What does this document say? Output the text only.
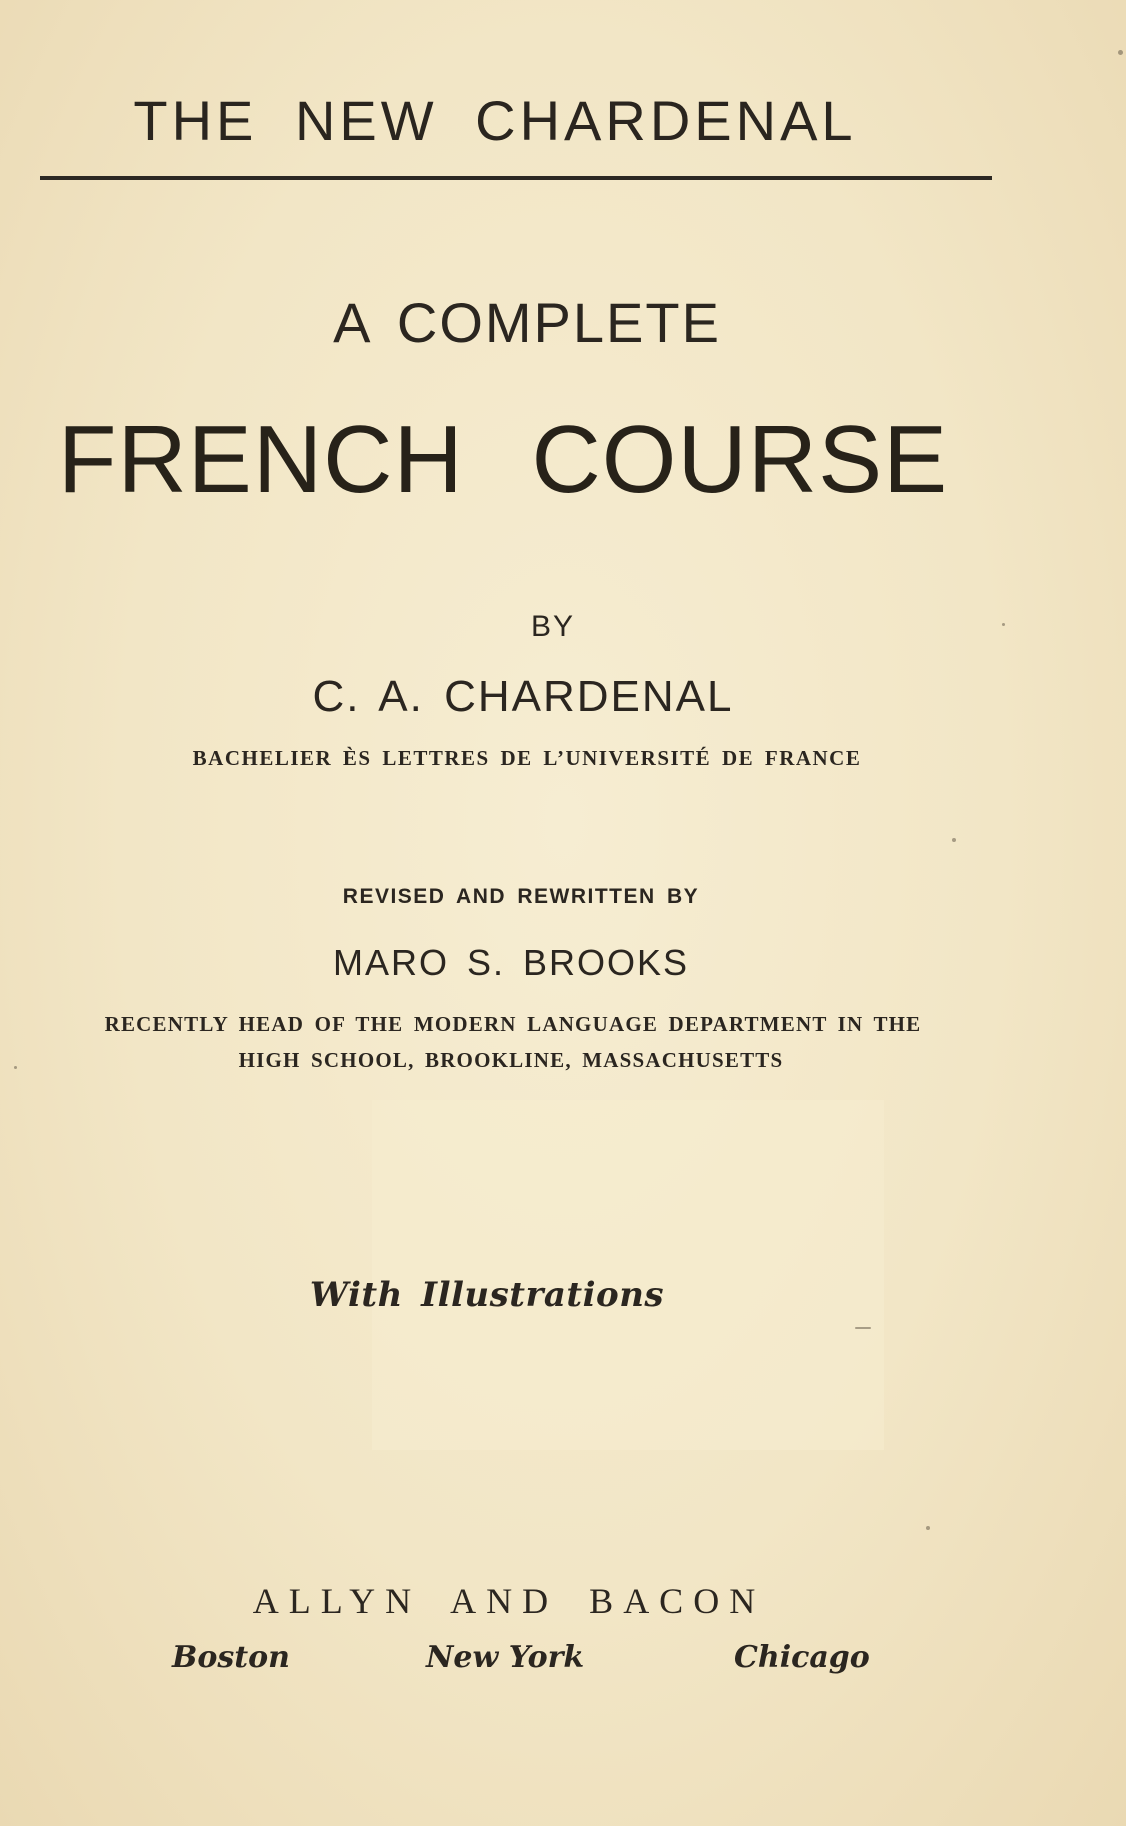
THE NEW CHARDENAL
A COMPLETE
FRENCH COURSE
BY
C. A. CHARDENAL
BACHELIER ÈS LETTRES DE L’UNIVERSITÉ DE FRANCE
REVISED AND REWRITTEN BY
MARO S. BROOKS
RECENTLY HEAD OF THE MODERN LANGUAGE DEPARTMENT IN THE
HIGH SCHOOL, BROOKLINE, MASSACHUSETTS
With Illustrations
ALLYN AND BACON
Boston	New York	Chicago
